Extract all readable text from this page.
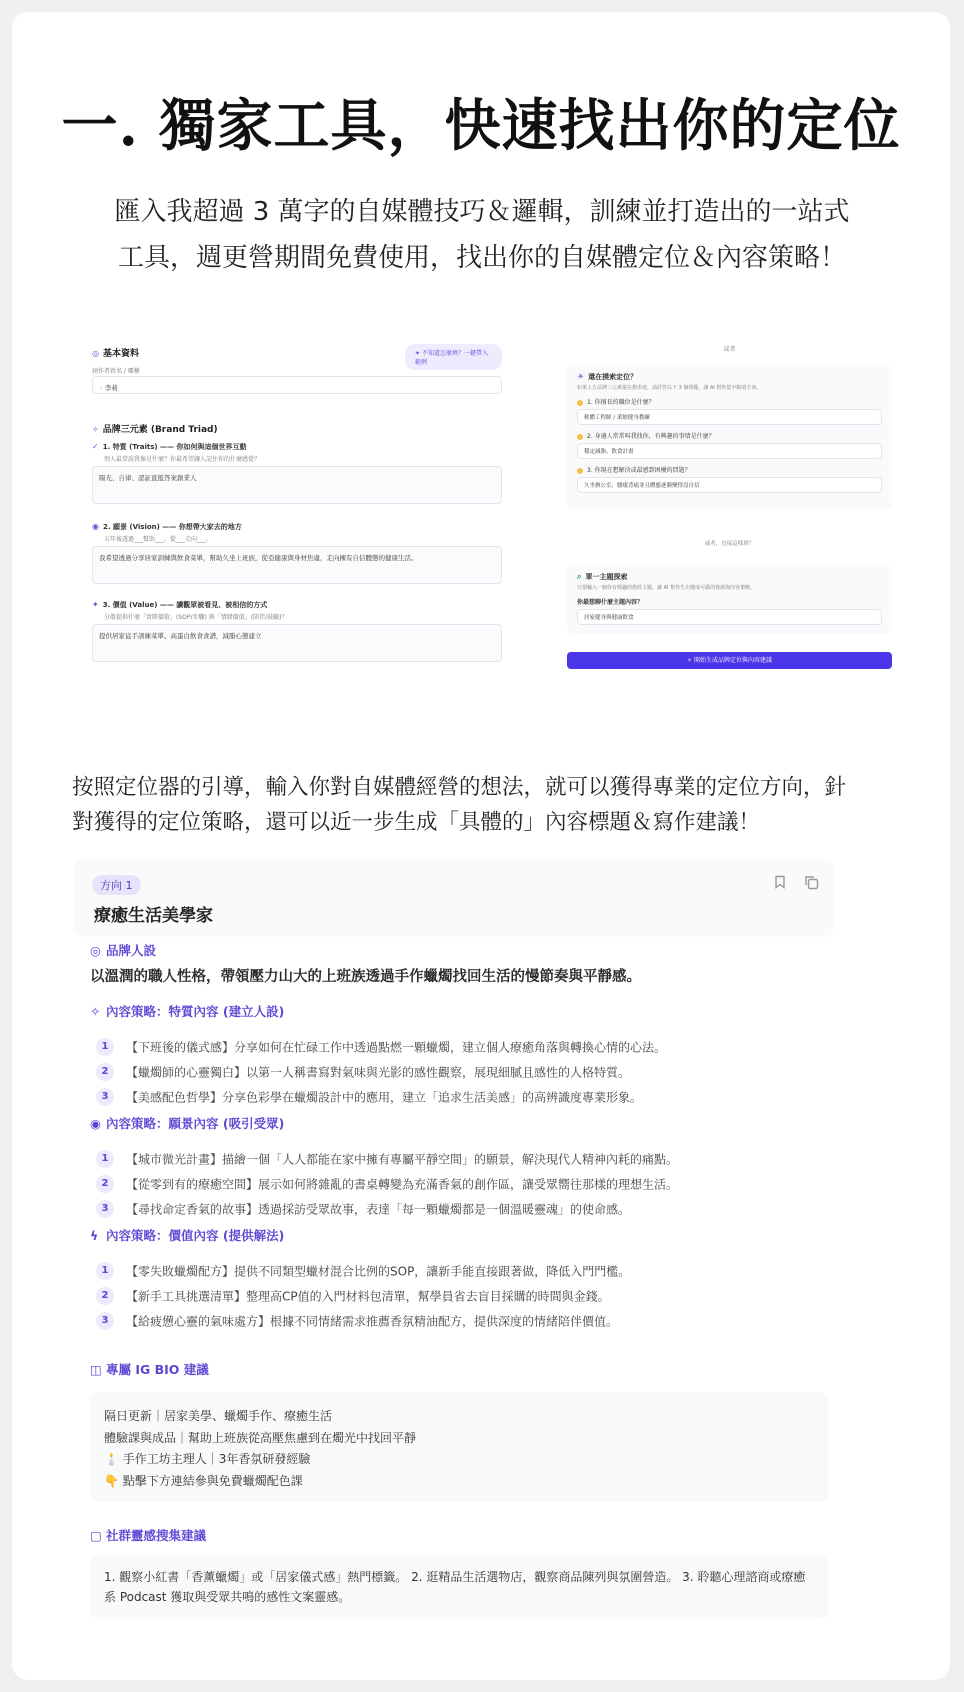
一. 獨家工具，快速找出你的定位
匯入我超過 3 萬字的自媒體技巧＆邏輯，訓練並打造出的一站式
工具，週更營期間免費使用，找出你的自媒體定位＆內容策略！
◎ 基本資料	✦ 不知道怎麼填？一鍵帶入範例
創作者姓名 / 暱稱
◦ 李莉
✧ 品牌三元素 (Brand Triad)
✓ 1. 特質 (Traits) —— 你如何與這個世界互動
別人最常說我像是什麼？你最希望讓人記住你的什麼感覺？
陽光、自律、認証直抵答案創業人
◉ 2. 願景 (Vision) —— 你想帶大家去的地方
五年後透過___幫助___，從___走向___。
我希望透過分享居家訓練與飲食菜單，幫助久坐上班族，從亞健康與身材焦慮，走向擁有自信體態的健康生活。
✦ 3. 價值 (Value) —— 讀觀眾被看見、被相信的方式
分散提供什麼「實際價值」(SOP/步驟) 與「情緒價值」(陪伴/鼓勵)？
提供居家徒手訓練菜單、高蛋白飲食食譜，減脂心態建立
或者
☀ 還在摸索定位？
如果上方品牌三元素還在想表達，請詳答以下 3 個問題，讓 AI 幫你從中點明方向。
1. 你擅長的職位是什麼？
軟體工程師 / 業餘健身教練
2. 身邊人常常叫我找你，有興趣的事情是什麼？
穩定減脂、飲食計畫
3. 你現在想解決或最感到困擾的問題？
久坐辦公室、腰痠背痛並且體態逐漸變得沒自信
或者，直接這樣填？
⌕ 單一主題探索
只要輸入一個你有興趣的想經主題，讓 AI 幫你生出變成可做的資源與內容策略。
你最想聊什麼主題內容？
居家健身與健康飲食
✧ 開始生成品牌定位與內容建議
按照定位器的引導，輸入你對自媒體經營的想法，就可以獲得專業的定位方向，針
對獲得的定位策略，還可以近一步生成「具體的」內容標題＆寫作建議！
方向 1
療癒生活美學家
◎ 品牌人設
以溫潤的職人性格，帶領壓力山大的上班族透過手作蠟燭找回生活的慢節奏與平靜感。
✧ 內容策略：特質內容 (建立人設)
1 【下班後的儀式感】分享如何在忙碌工作中透過點燃一顆蠟燭，建立個人療癒角落與轉換心情的心法。
2 【蠟燭師的心靈獨白】以第一人稱書寫對氣味與光影的感性觀察，展現細膩且感性的人格特質。
3 【美感配色哲學】分享色彩學在蠟燭設計中的應用，建立「追求生活美感」的高辨識度專業形象。
◉ 內容策略：願景內容 (吸引受眾)
1 【城市微光計畫】描繪一個「人人都能在家中擁有專屬平靜空間」的願景，解決現代人精神內耗的痛點。
2 【從零到有的療癒空間】展示如何將雜亂的書桌轉變為充滿香氣的創作區，讓受眾嚮往那樣的理想生活。
3 【尋找命定香氣的故事】透過採訪受眾故事，表達「每一顆蠟燭都是一個溫暖靈魂」的使命感。
ϟ 內容策略：價值內容 (提供解法)
1 【零失敗蠟燭配方】提供不同類型蠟材混合比例的SOP，讓新手能直接跟著做，降低入門門檻。
2 【新手工具挑選清單】整理高CP值的入門材料包清單，幫學員省去盲目採購的時間與金錢。
3 【給疲憊心靈的氣味處方】根據不同情緒需求推薦香氛精油配方，提供深度的情緒陪伴價值。
◫ 專屬 IG BIO 建議
隔日更新｜居家美學、蠟燭手作、療癒生活
體驗課與成品｜幫助上班族從高壓焦慮到在燭光中找回平靜
🕯️ 手作工坊主理人｜3年香氛研發經驗
👇 點擊下方連結參與免費蠟燭配色課
▢ 社群靈感搜集建議
1. 觀察小紅書「香薰蠟燭」或「居家儀式感」熱門標籤。 2. 逛精品生活選物店，觀察商品陳列與氛圍營造。 3. 聆聽心理諮商或療癒系 Podcast 獲取與受眾共鳴的感性文案靈感。
